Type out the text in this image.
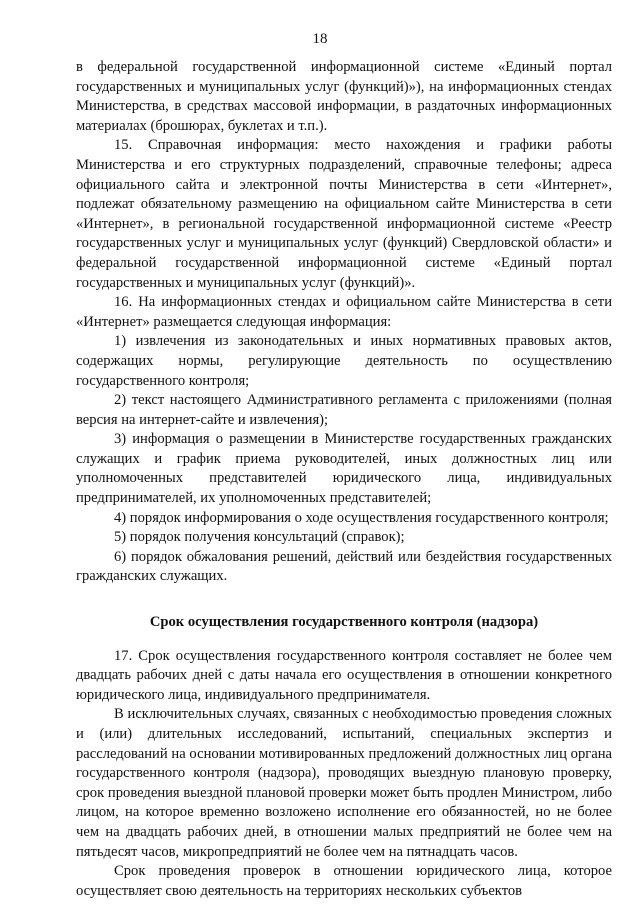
18

в федеральной государственной информационной системе «Единый портал государственных и муниципальных услуг (функций)»), на информационных стендах Министерства, в средствах массовой информации, в раздаточных информационных материалах (брошюрах, буклетах и т.п.).

15. Справочная информация: место нахождения и графики работы Министерства и его структурных подразделений, справочные телефоны; адреса официального сайта и электронной почты Министерства в сети «Интернет», подлежат обязательному размещению на официальном сайте Министерства в сети «Интернет», в региональной государственной информационной системе «Реестр государственных услуг и муниципальных услуг (функций) Свердловской области» и федеральной государственной информационной системе «Единый портал государственных и муниципальных услуг (функций)».

16. На информационных стендах и официальном сайте Министерства в сети «Интернет» размещается следующая информация:

1) извлечения из законодательных и иных нормативных правовых актов, содержащих нормы, регулирующие деятельность по осуществлению государственного контроля;

2) текст настоящего Административного регламента с приложениями (полная версия на интернет-сайте и извлечения);

3) информация о размещении в Министерстве государственных гражданских служащих и график приема руководителей, иных должностных лиц или уполномоченных представителей юридического лица, индивидуальных предпринимателей, их уполномоченных представителей;

4) порядок информирования о ходе осуществления государственного контроля;

5) порядок получения консультаций (справок);

6) порядок обжалования решений, действий или бездействия государственных гражданских служащих.

Срок осуществления государственного контроля (надзора)

17. Срок осуществления государственного контроля составляет не более чем двадцать рабочих дней с даты начала его осуществления в отношении конкретного юридического лица, индивидуального предпринимателя.

В исключительных случаях, связанных с необходимостью проведения сложных и (или) длительных исследований, испытаний, специальных экспертиз и расследований на основании мотивированных предложений должностных лиц органа государственного контроля (надзора), проводящих выездную плановую проверку, срок проведения выездной плановой проверки может быть продлен Министром, либо лицом, на которое временно возложено исполнение его обязанностей, но не более чем на двадцать рабочих дней, в отношении малых предприятий не более чем на пятьдесят часов, микропредприятий не более чем на пятнадцать часов.

Срок проведения проверок в отношении юридического лица, которое осуществляет свою деятельность на территориях нескольких субъектов
